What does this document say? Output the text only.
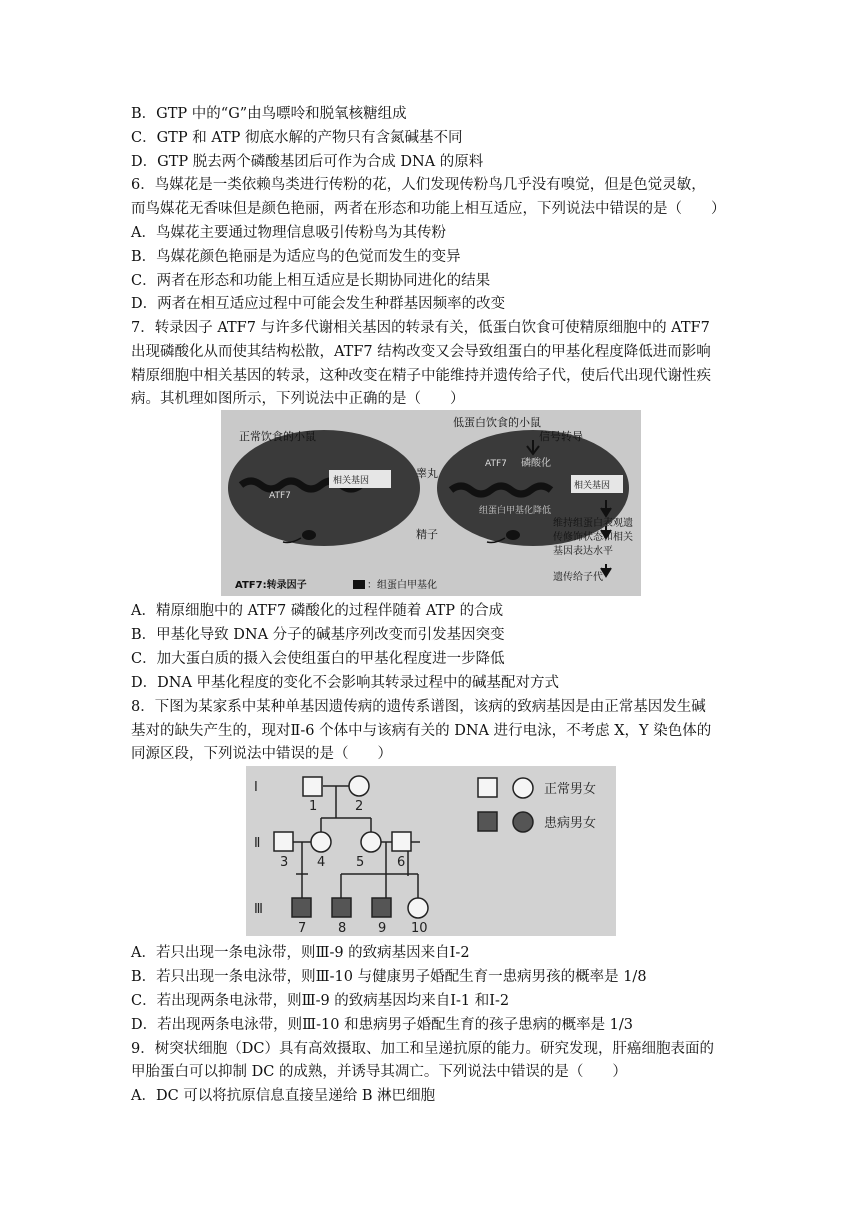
B．GTP 中的“G”由鸟嘌呤和脱氧核糖组成
C．GTP 和 ATP 彻底水解的产物只有含氮碱基不同
D．GTP 脱去两个磷酸基团后可作为合成 DNA 的原料
6．鸟媒花是一类依赖鸟类进行传粉的花，人们发现传粉鸟几乎没有嗅觉，但是色觉灵敏，
而鸟媒花无香味但是颜色艳丽，两者在形态和功能上相互适应，下列说法中错误的是（　　）
A．鸟媒花主要通过物理信息吸引传粉鸟为其传粉
B．鸟媒花颜色艳丽是为适应鸟的色觉而发生的变异
C．两者在形态和功能上相互适应是长期协同进化的结果
D．两者在相互适应过程中可能会发生种群基因频率的改变
7．转录因子 ATF7 与许多代谢相关基因的转录有关，低蛋白饮食可使精原细胞中的 ATF7
出现磷酸化从而使其结构松散，ATF7 结构改变又会导致组蛋白的甲基化程度降低进而影响
精原细胞中相关基因的转录，这种改变在精子中能维持并遗传给子代，使后代出现代谢性疾
病。其机理如图所示，下列说法中正确的是（　　）
正常饮食的小鼠
低蛋白饮食的小鼠
信号转导
睾丸
ATF7
ATF7 磷酸化
相关基因	相关基因
组蛋白甲基化降低
精子
维持组蛋白表观遗
传修饰状态和相关
基因表达水平
遗传给子代
ATF7:转录因子	：组蛋白甲基化
A．精原细胞中的 ATF7 磷酸化的过程伴随着 ATP 的合成
B．甲基化导致 DNA 分子的碱基序列改变而引发基因突变
C．加大蛋白质的摄入会使组蛋白的甲基化程度进一步降低
D．DNA 甲基化程度的变化不会影响其转录过程中的碱基配对方式
8．下图为某家系中某种单基因遗传病的遗传系谱图，该病的致病基因是由正常基因发生碱
基对的缺失产生的，现对Ⅱ-6 个体中与该病有关的 DNA 进行电泳，不考虑 X，Y 染色体的
同源区段，下列说法中错误的是（　　）
Ⅰ
Ⅱ
Ⅲ
1	2
3 4 5	6
7 8 9 10
正常男女
患病男女
A．若只出现一条电泳带，则Ⅲ-9 的致病基因来自Ⅰ-2
B．若只出现一条电泳带，则Ⅲ-10 与健康男子婚配生育一患病男孩的概率是 1/8
C．若出现两条电泳带，则Ⅲ-9 的致病基因均来自Ⅰ-1 和Ⅰ-2
D．若出现两条电泳带，则Ⅲ-10 和患病男子婚配生育的孩子患病的概率是 1/3
9．树突状细胞（DC）具有高效摄取、加工和呈递抗原的能力。研究发现，肝癌细胞表面的
甲胎蛋白可以抑制 DC 的成熟，并诱导其凋亡。下列说法中错误的是（　　）
A．DC 可以将抗原信息直接呈递给 B 淋巴细胞
